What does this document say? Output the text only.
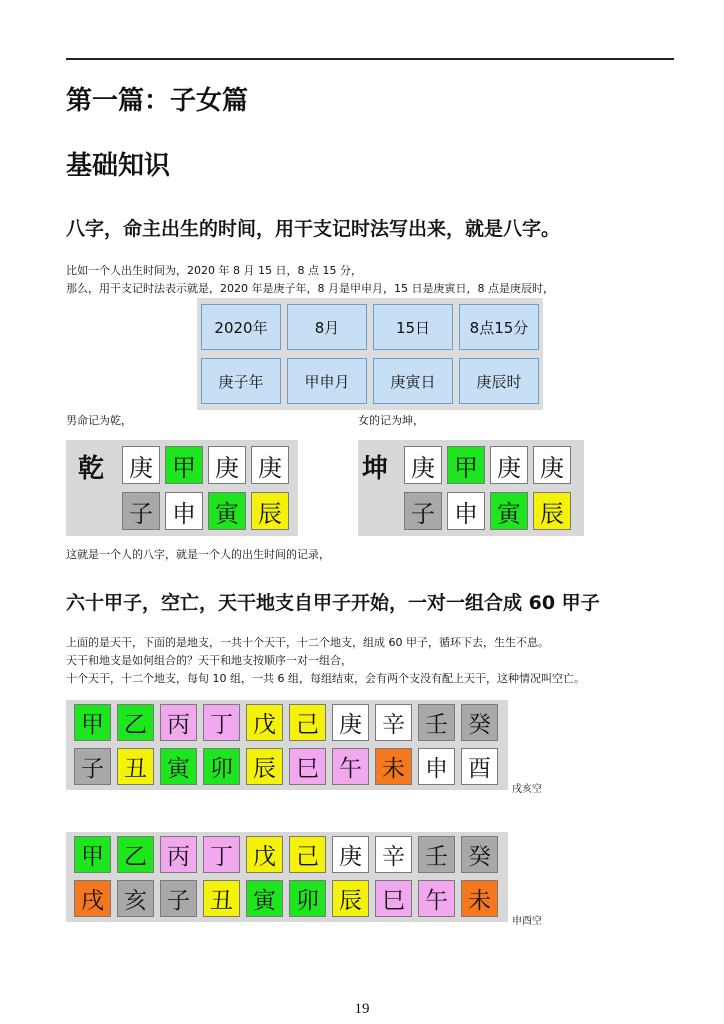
第一篇：子女篇
基础知识
八字，命主出生的时间，用干支记时法写出来，就是八字。
比如一个人出生时间为，2020 年 8 月 15 日，8 点 15 分，
那么，用干支记时法表示就是，2020 年是庚子年，8 月是甲申月，15 日是庚寅日，8 点是庚辰时，
2020年	8月	15日	8点15分
庚子年	甲申月	庚寅日	庚辰时
男命记为乾，	女的记为坤，
乾 庚 甲 庚 庚
子 申 寅 辰
坤 庚 甲 庚 庚
子 申 寅 辰
这就是一个人的八字，就是一个人的出生时间的记录，
六十甲子，空亡，天干地支自甲子开始，一对一组合成 60 甲子
上面的是天干，下面的是地支，一共十个天干，十二个地支，组成 60 甲子，循环下去，生生不息。
天干和地支是如何组合的？天干和地支按顺序一对一组合，
十个天干，十二个地支，每旬 10 组，一共 6 组，每组结束，会有两个支没有配上天干，这种情况叫空亡。
甲 乙 丙 丁 戊 己 庚 辛 壬 癸
子 丑 寅 卯 辰 巳 午 未 申 酉
戌亥空
甲 乙 丙 丁 戊 己 庚 辛 壬 癸
戌 亥 子 丑 寅 卯 辰 巳 午 未
申酉空
19
